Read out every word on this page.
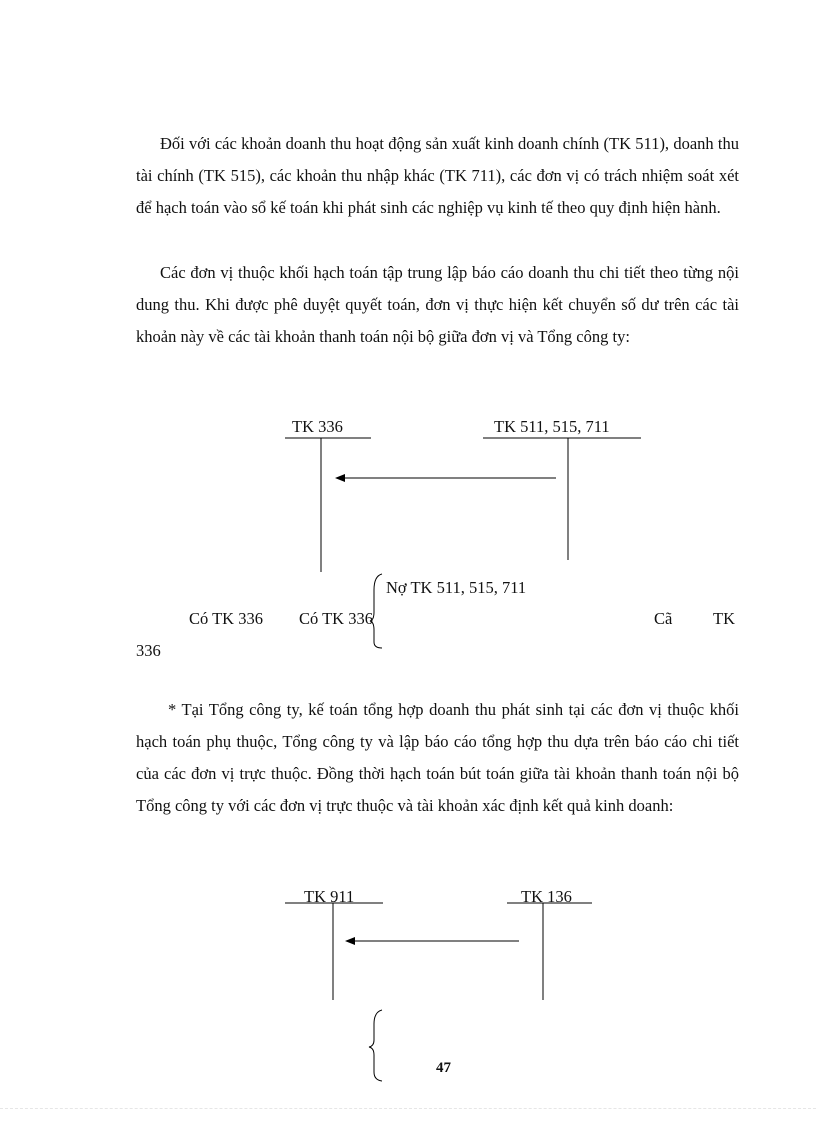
Đối với các khoản doanh thu hoạt động sản xuất kinh doanh chính (TK 511), doanh thu tài chính (TK 515), các khoản thu nhập khác (TK 711), các đơn vị có trách nhiệm soát xét để hạch toán vào sổ kế toán khi phát sinh các nghiệp vụ kinh tế theo quy định hiện hành.

Các đơn vị thuộc khối hạch toán tập trung lập báo cáo doanh thu chi tiết theo từng nội dung thu. Khi được phê duyệt quyết toán, đơn vị thực hiện kết chuyển số dư trên các tài khoản này về các tài khoản thanh toán nội bộ giữa đơn vị và Tổng công ty:

TK 336	TK 511, 515, 711
Nợ TK 511, 515, 711
Có TK 336 Có TK 336	Cã TK
336

* Tại Tổng công ty, kế toán tổng hợp doanh thu phát sinh tại các đơn vị thuộc khối hạch toán phụ thuộc, Tổng công ty và lập báo cáo tổng hợp thu dựa trên báo cáo chi tiết của các đơn vị trực thuộc. Đồng thời hạch toán bút toán giữa tài khoản thanh toán nội bộ Tổng công ty với các đơn vị trực thuộc và tài khoản xác định kết quả kinh doanh:

TK 911	TK 136
47
